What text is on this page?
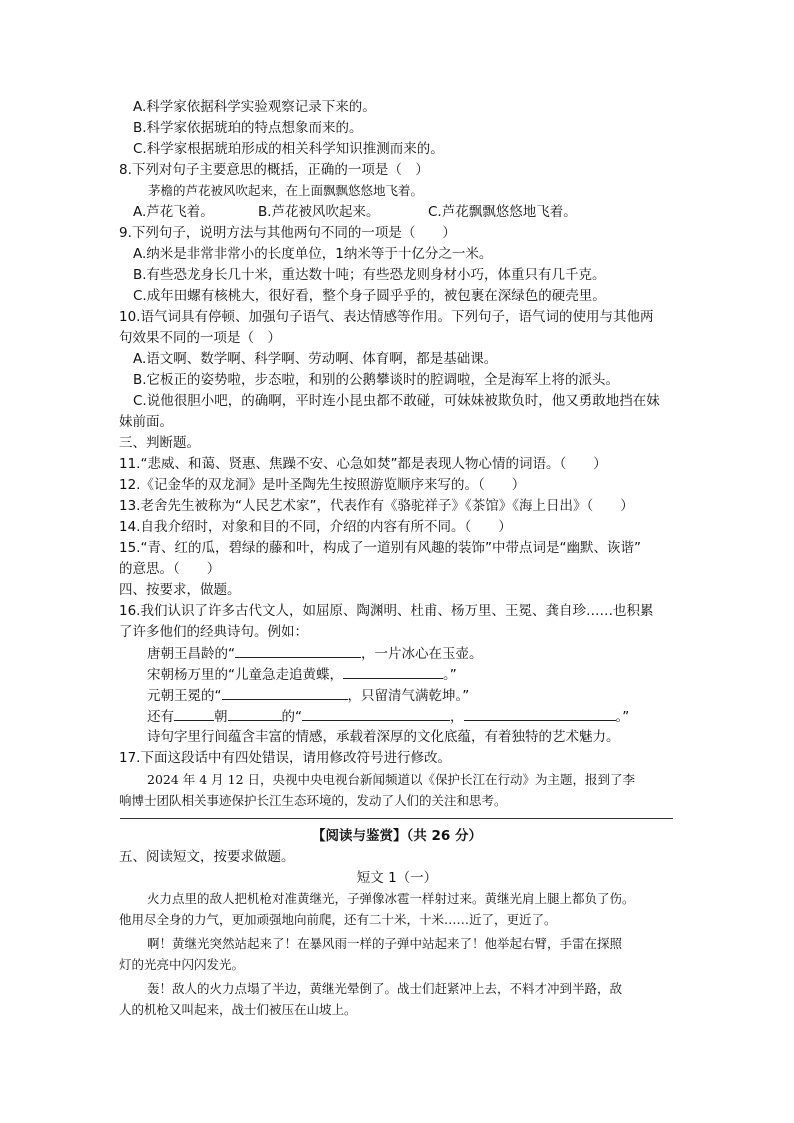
A.科学家依据科学实验观察记录下来的。
B.科学家依据琥珀的特点想象而来的。
C.科学家根据琥珀形成的相关科学知识推测而来的。
8.下列对句子主要意思的概括，正确的一项是（　）
茅檐的芦花被风吹起来，在上面飘飘悠悠地飞着。
A.芦花飞着。	B.芦花被风吹起来。	C.芦花飘飘悠悠地飞着。
9.下列句子，说明方法与其他两句不同的一项是（　　）
A.纳米是非常非常小的长度单位，1纳米等于十亿分之一米。
B.有些恐龙身长几十米，重达数十吨；有些恐龙则身材小巧，体重只有几千克。
C.成年田螺有核桃大，很好看，整个身子圆乎乎的，被包裹在深绿色的硬壳里。
10.语气词具有停顿、加强句子语气、表达情感等作用。下列句子，语气词的使用与其他两
句效果不同的一项是（　）
A.语文啊、数学啊、科学啊、劳动啊、体育啊，都是基础课。
B.它板正的姿势啦，步态啦，和别的公鹅攀谈时的腔调啦，全是海军上将的派头。
C.说他很胆小吧，的确啊，平时连小昆虫都不敢碰，可妹妹被欺负时，他又勇敢地挡在妹
妹前面。
三、判断题。
11.“悲威、和蔼、贤惠、焦躁不安、心急如焚”都是表现人物心情的词语。（　　）
12.《记金华的双龙洞》是叶圣陶先生按照游览顺序来写的。（　　）
13.老舍先生被称为“人民艺术家”，代表作有《骆驼祥子》《茶馆》《海上日出》（　　）
14.自我介绍时，对象和目的不同，介绍的内容有所不同。（　　）
15.“青、红的瓜，碧绿的藤和叶，构成了一道别有风趣的装饰”中带点词是“幽默、诙谐”
的意思。（　　）
四、按要求，做题。
16.我们认识了许多古代文人，如屈原、陶渊明、杜甫、杨万里、王冕、龚自珍……也积累
了许多他们的经典诗句。例如：
唐朝王昌龄的“	，一片冰心在玉壶。
宋朝杨万里的“儿童急走追黄蝶，	。”
元朝王冕的“	，只留清气满乾坤。”
还有	朝	的“	，	。”
诗句字里行间蕴含丰富的情感，承载着深厚的文化底蕴，有着独特的艺术魅力。
17.下面这段话中有四处错误，请用修改符号进行修改。
2024 年 4 月 12 日，央视中央电视台新闻频道以《保护长江在行动》为主题，报到了李
响博士团队相关事迹保护长江生态环境的，发动了人们的关注和思考。
【阅读与鉴赏】（共 26 分）
五、阅读短文，按要求做题。
短文 1（一）
火力点里的敌人把机枪对准黄继光，子弹像冰雹一样射过来。黄继光肩上腿上都负了伤。
他用尽全身的力气，更加顽强地向前爬，还有二十米，十米……近了，更近了。
啊！黄继光突然站起来了！在暴风雨一样的子弹中站起来了！他举起右臂，手雷在探照
灯的光亮中闪闪发光。
轰！敌人的火力点塌了半边，黄继光晕倒了。战士们赶紧冲上去，不料才冲到半路，敌
人的机枪又叫起来，战士们被压在山坡上。
